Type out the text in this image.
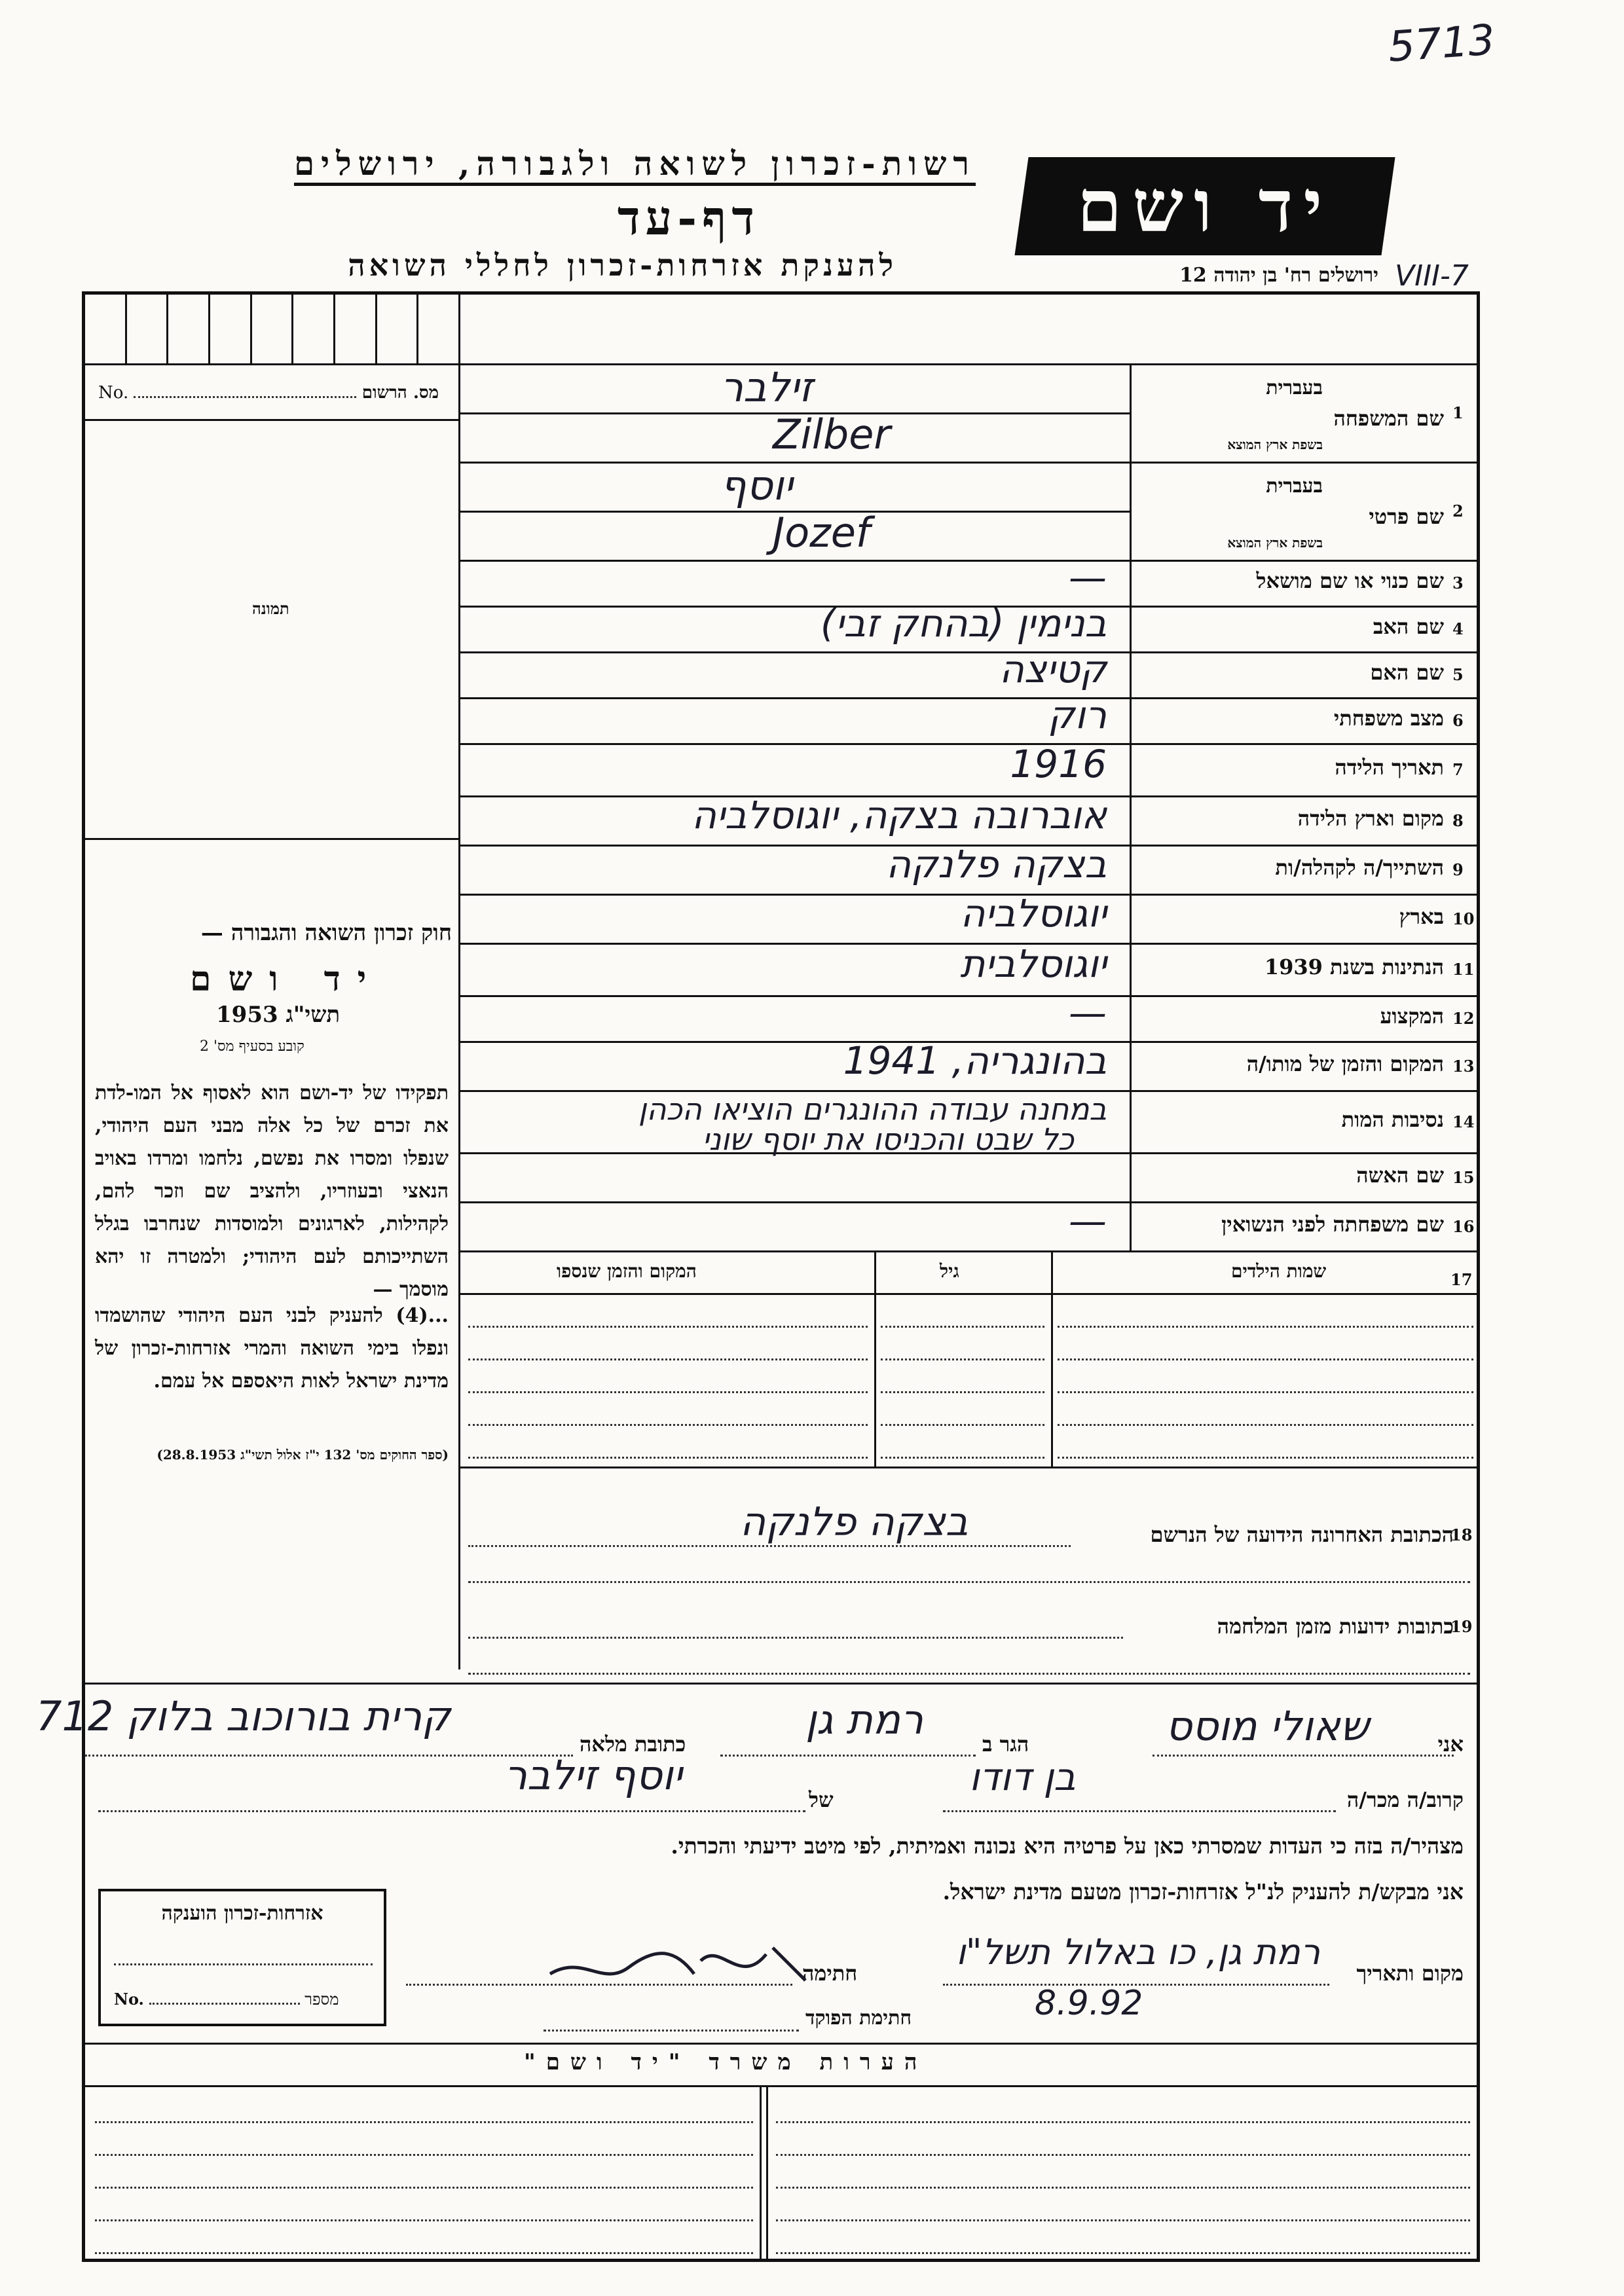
5713
רשות-זכרון לשואה ולגבורה, ירושלים
דף-עד
להענקת אזרחות-זכרון לחללי השואה
יד ושם
ירושלים רח' בן יהודה 12 VIII-7
No.	מס. הרשום
תמונה
חוק זכרון השואה והגבורה —
יד ושם
תשי"ג 1953
קובע בסעיף מס' 2
תפקידו של יד-ושם הוא לאסוף אל המו-לדת את זכרם של כל אלה מבני העם היהודי, שנפלו ומסרו את נפשם, נלחמו ומרדו באויב הנאצי ובעוזריו, ולהציב שם וזכר להם, לקהילות, לארגונים ולמוסדות שנחרבו בגלל השתייכותם לעם היהודי; ולמטרה זו יהא מוסמך —
...(4) להעניק לבני העם היהודי שהושמדו ונפלו בימי השואה והמרי אזרחות-זכרון של מדינת ישראל לאות היאספם אל עמם.
(ספר החוקים מס' 132 י"ז אלול תשי"ג 28.8.1953)
1
שם המשפחה
בעברית
בשפת ארץ המוצא
זילבר
Zilber
2
שם פרטי
בעברית
בשפת ארץ המוצא
יוסף
Jozef
3
שם כנוי או שם מושאל
—
4
שם האב
בנימין (בהחק זבי)
5
שם האם
קטיצה
6
מצב משפחתי
רוק
7
תאריך הלידה
1916
8
מקום וארץ הלידה
אוברובה בצקה, יוגוסלביה
9
השתייך/ה לקהלה/ות
בצקה פלנקה
10
בארץ
יוגוסלביה
11
הנתינות בשנת 1939
יוגוסלבית
12
המקצוע
—
13
המקום והזמן של מותו/ה
בהונגריה, 1941
14
נסיבות המות
במחנה עבודה ההונגרים הוציאו הכהן
כל שבט והכניסו את יוסף שוני
15
שם האשה
16
שם משפחתה לפני הנשואין
—
שמות הילדים
גיל
המקום והזמן שנספו	17
הכתובת האחרונה הידועה של הנרשם
18
בצקה פלנקה
כתובות ידועות מזמן המלחמה
19
אני
שאולי מוסס
הגר ב
רמת גן
כתובת מלאה
קרית בורוכוב בלוק 712
קרוב/ה מכר/ה
בן דודו
של
יוסף זילבר
מצהיר/ה בזה כי העדות שמסרתי כאן על פרטיה היא נכונה ואמיתית, לפי מיטב ידיעתי והכרתי.
אני מבקש/ת להעניק לנ"ל אזרחות-זכרון מטעם מדינת ישראל.
מקום ותאריך
רמת גן, כו באלול תשל"ו
8.9.92
חתימה
חתימת הפוקד
אזרחות-זכרון הוענקה
No.	מספר
הערות משרד "יד ושם"
